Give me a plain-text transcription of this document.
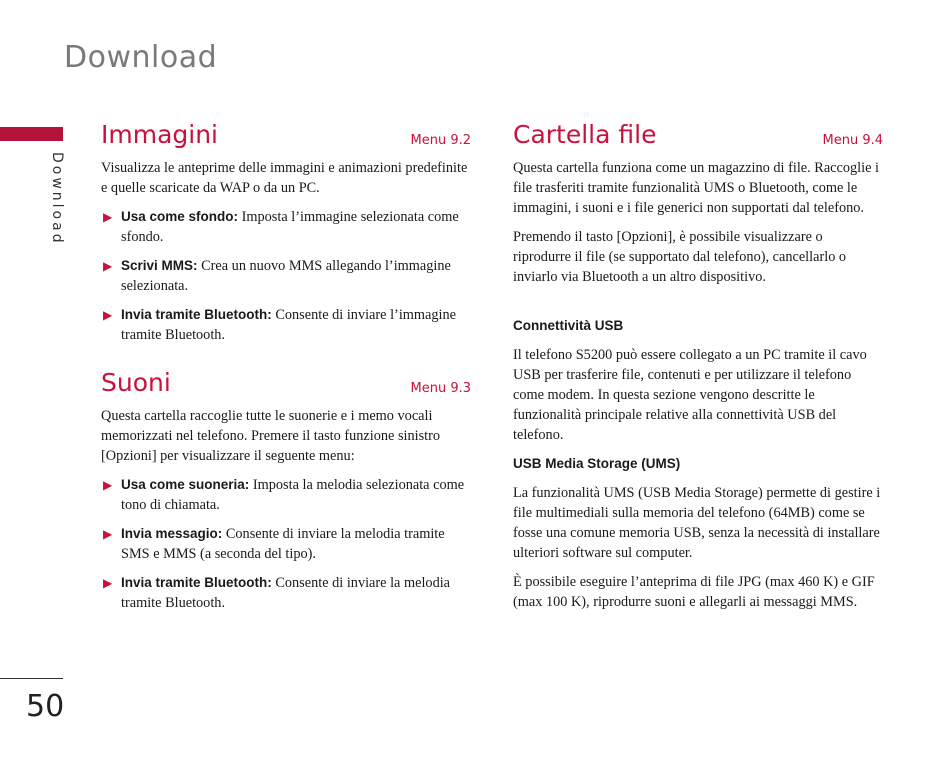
Download
Download
50
Immagini	Menu 9.2

Visualizza le anteprime delle immagini e animazioni predefinite e quelle scaricate da WAP o da un PC.

▶ Usa come sfondo: Imposta l’immagine selezionata come sfondo.
▶ Scrivi MMS: Crea un nuovo MMS allegando l’immagine selezionata.
▶ Invia tramite Bluetooth: Consente di inviare l’immagine tramite Bluetooth.
Suoni	Menu 9.3

Questa cartella raccoglie tutte le suonerie e i memo vocali memorizzati nel telefono. Premere il tasto funzione sinistro [Opzioni] per visualizzare il seguente menu:

▶ Usa come suoneria: Imposta la melodia selezionata come tono di chiamata.
▶ Invia messagio: Consente di inviare la melodia tramite SMS e MMS (a seconda del tipo).
▶ Invia tramite Bluetooth: Consente di inviare la melodia tramite Bluetooth.
Cartella file	Menu 9.4

Questa cartella funziona come un magazzino di file. Raccoglie i file trasferiti tramite funzionalità UMS o Bluetooth, come le immagini, i suoni e i file generici non supportati dal telefono.

Premendo il tasto [Opzioni], è possibile visualizzare o riprodurre il file (se supportato dal telefono), cancellarlo o inviarlo via Bluetooth a un altro dispositivo.

Connettività USB

Il telefono S5200 può essere collegato a un PC tramite il cavo USB per trasferire file, contenuti e per utilizzare il telefono come modem. In questa sezione vengono descritte le funzionalità principale relative alla connettività USB del telefono.

USB Media Storage (UMS)

La funzionalità UMS (USB Media Storage) permette di gestire i file multimediali sulla memoria del telefono (64MB) come se fosse una comune memoria USB, senza la necessità di installare ulteriori software sul computer.

È possibile eseguire l’anteprima di file JPG (max 460 K) e GIF (max 100 K), riprodurre suoni e allegarli ai messaggi MMS.
